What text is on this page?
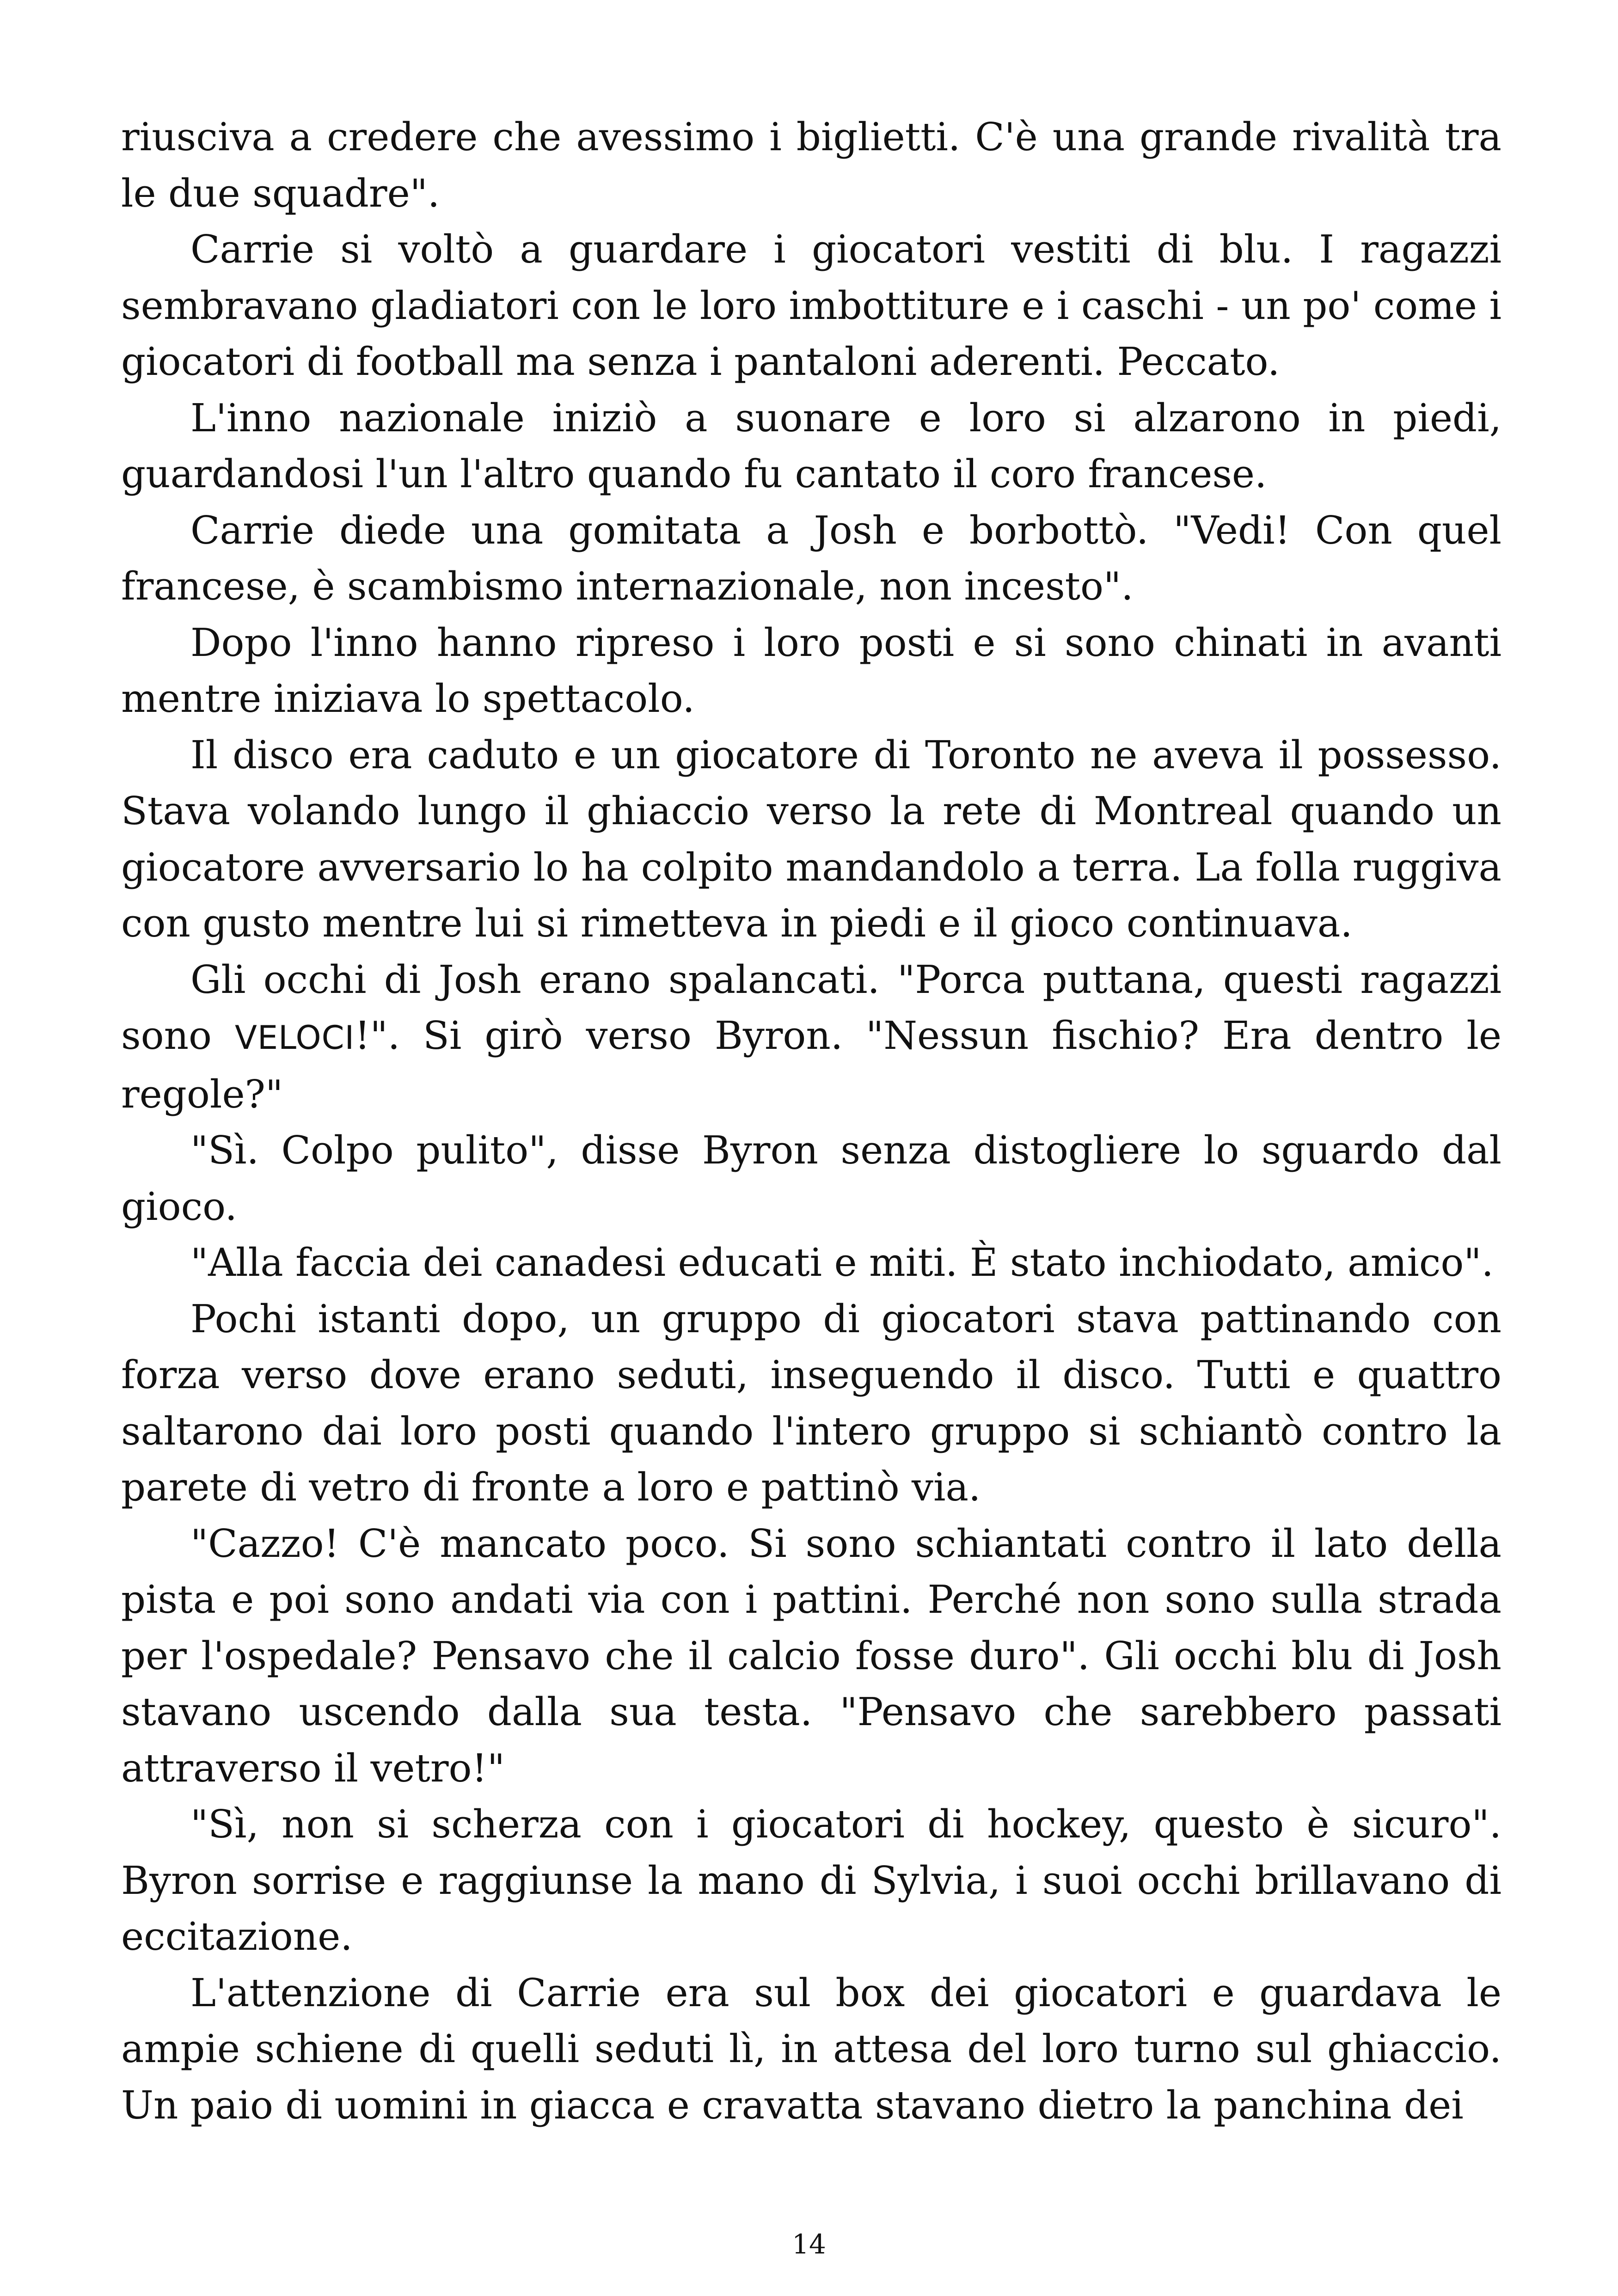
riusciva a credere che avessimo i biglietti. C'è una grande rivalità tra le due squadre".

Carrie si voltò a guardare i giocatori vestiti di blu. I ragazzi sembravano gladiatori con le loro imbottiture e i caschi - un po' come i giocatori di football ma senza i pantaloni aderenti. Peccato.

L'inno nazionale iniziò a suonare e loro si alzarono in piedi, guardandosi l'un l'altro quando fu cantato il coro francese.

Carrie diede una gomitata a Josh e borbottò. "Vedi! Con quel francese, è scambismo internazionale, non incesto".

Dopo l'inno hanno ripreso i loro posti e si sono chinati in avanti mentre iniziava lo spettacolo.

Il disco era caduto e un giocatore di Toronto ne aveva il possesso. Stava volando lungo il ghiaccio verso la rete di Montreal quando un giocatore avversario lo ha colpito mandandolo a terra. La folla ruggiva con gusto mentre lui si rimetteva in piedi e il gioco continuava.

Gli occhi di Josh erano spalancati. "Porca puttana, questi ragazzi sono VELOCI!". Si girò verso Byron. "Nessun fischio? Era dentro le regole?"

"Sì. Colpo pulito", disse Byron senza distogliere lo sguardo dal gioco.

"Alla faccia dei canadesi educati e miti. È stato inchiodato, amico".

Pochi istanti dopo, un gruppo di giocatori stava pattinando con forza verso dove erano seduti, inseguendo il disco. Tutti e quattro saltarono dai loro posti quando l'intero gruppo si schiantò contro la parete di vetro di fronte a loro e pattinò via.

"Cazzo! C'è mancato poco. Si sono schiantati contro il lato della pista e poi sono andati via con i pattini. Perché non sono sulla strada per l'ospedale? Pensavo che il calcio fosse duro". Gli occhi blu di Josh stavano uscendo dalla sua testa. "Pensavo che sarebbero passati attraverso il vetro!"

"Sì, non si scherza con i giocatori di hockey, questo è sicuro". Byron sorrise e raggiunse la mano di Sylvia, i suoi occhi brillavano di eccitazione.

L'attenzione di Carrie era sul box dei giocatori e guardava le ampie schiene di quelli seduti lì, in attesa del loro turno sul ghiaccio. Un paio di uomini in giacca e cravatta stavano dietro la panchina dei

14
